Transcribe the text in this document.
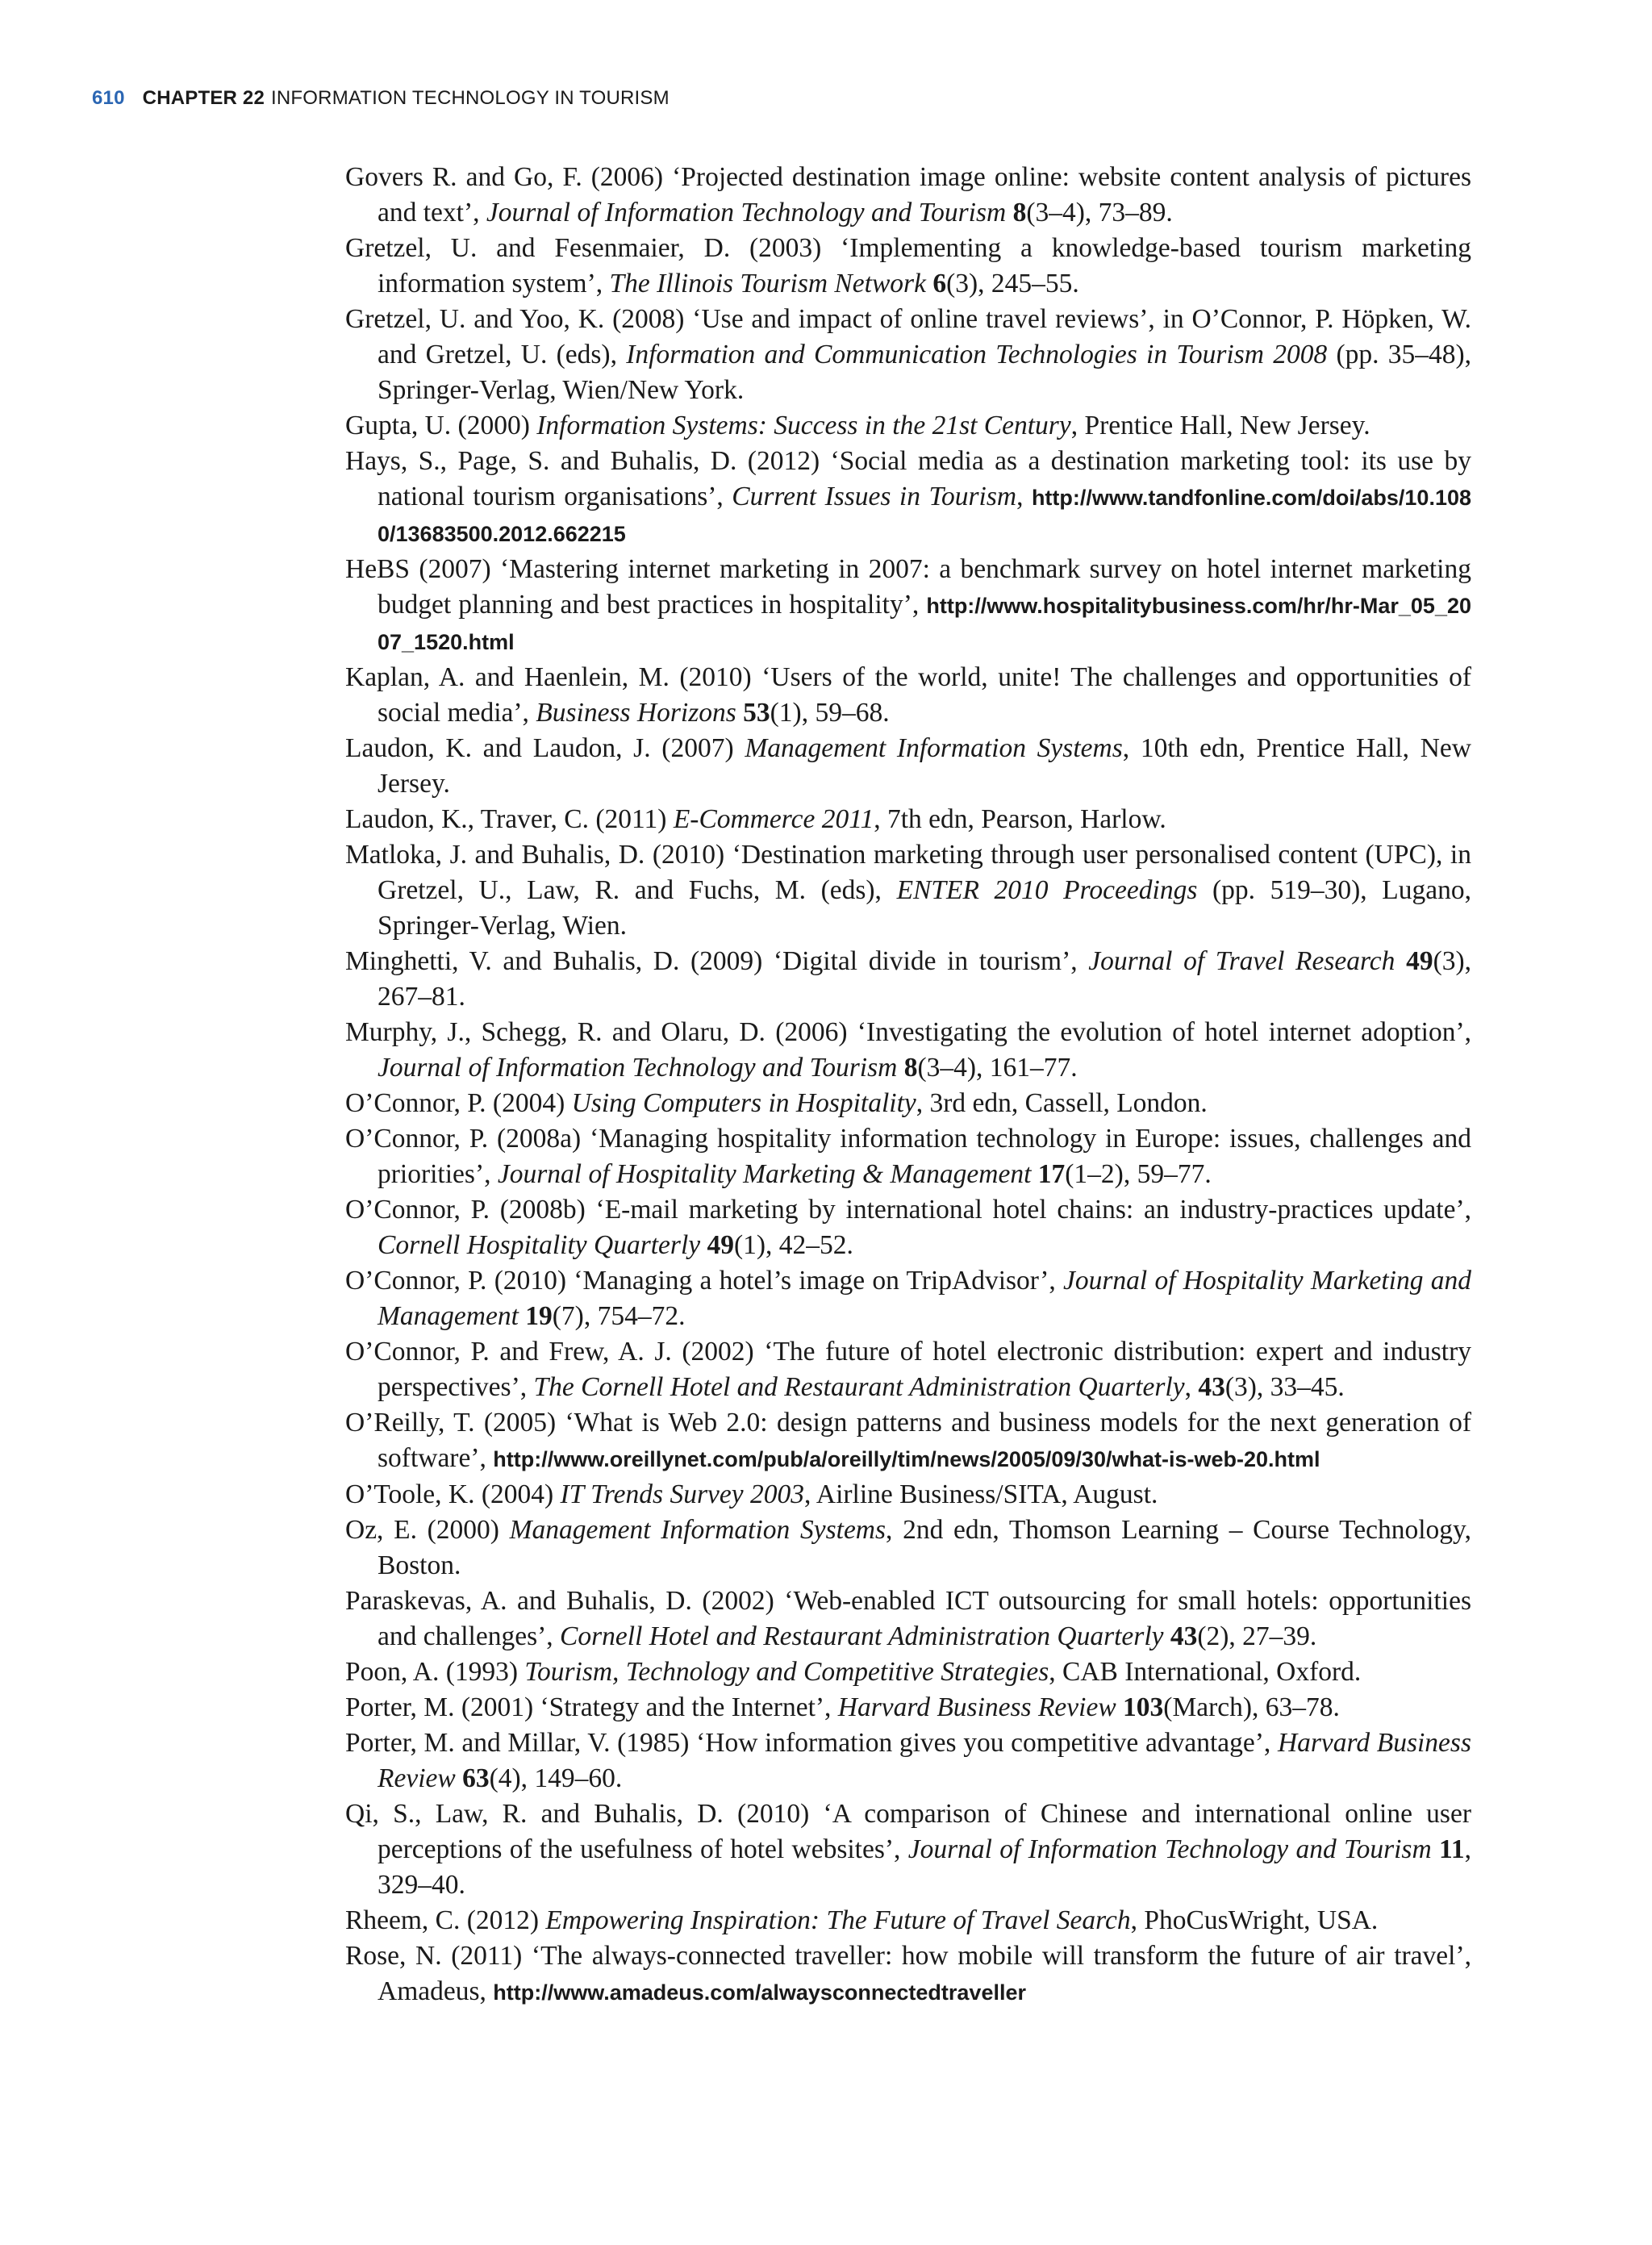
610 CHAPTER 22 INFORMATION TECHNOLOGY IN TOURISM
Govers R. and Go, F. (2006) ‘Projected destination image online: website content analysis of pictures and text’, Journal of Information Technology and Tourism 8(3–4), 73–89.
Gretzel, U. and Fesenmaier, D. (2003) ‘Implementing a knowledge-based tourism marketing information system’, The Illinois Tourism Network 6(3), 245–55.
Gretzel, U. and Yoo, K. (2008) ‘Use and impact of online travel reviews’, in O’Connor, P. Höpken, W. and Gretzel, U. (eds), Information and Communication Technologies in Tourism 2008 (pp. 35–48), Springer-Verlag, Wien/New York.
Gupta, U. (2000) Information Systems: Success in the 21st Century, Prentice Hall, New Jersey.
Hays, S., Page, S. and Buhalis, D. (2012) ‘Social media as a destination marketing tool: its use by national tourism organisations’, Current Issues in Tourism, http://www.tandfonline.com/doi/abs/10.1080/13683500.2012.662215
HeBS (2007) ‘Mastering internet marketing in 2007: a benchmark survey on hotel internet marketing budget planning and best practices in hospitality’, http://www.hospitalitybusiness.com/hr/hr-Mar_05_2007_1520.html
Kaplan, A. and Haenlein, M. (2010) ‘Users of the world, unite! The challenges and opportunities of social media’, Business Horizons 53(1), 59–68.
Laudon, K. and Laudon, J. (2007) Management Information Systems, 10th edn, Prentice Hall, New Jersey.
Laudon, K., Traver, C. (2011) E-Commerce 2011, 7th edn, Pearson, Harlow.
Matloka, J. and Buhalis, D. (2010) ‘Destination marketing through user personalised content (UPC), in Gretzel, U., Law, R. and Fuchs, M. (eds), ENTER 2010 Proceedings (pp. 519–30), Lugano, Springer-Verlag, Wien.
Minghetti, V. and Buhalis, D. (2009) ‘Digital divide in tourism’, Journal of Travel Research 49(3), 267–81.
Murphy, J., Schegg, R. and Olaru, D. (2006) ‘Investigating the evolution of hotel internet adoption’, Journal of Information Technology and Tourism 8(3–4), 161–77.
O’Connor, P. (2004) Using Computers in Hospitality, 3rd edn, Cassell, London.
O’Connor, P. (2008a) ‘Managing hospitality information technology in Europe: issues, challenges and priorities’, Journal of Hospitality Marketing & Management 17(1–2), 59–77.
O’Connor, P. (2008b) ‘E-mail marketing by international hotel chains: an industry-practices update’, Cornell Hospitality Quarterly 49(1), 42–52.
O’Connor, P. (2010) ‘Managing a hotel’s image on TripAdvisor’, Journal of Hospitality Marketing and Management 19(7), 754–72.
O’Connor, P. and Frew, A. J. (2002) ‘The future of hotel electronic distribution: expert and industry perspectives’, The Cornell Hotel and Restaurant Administration Quarterly, 43(3), 33–45.
O’Reilly, T. (2005) ‘What is Web 2.0: design patterns and business models for the next generation of software’, http://www.oreillynet.com/pub/a/oreilly/tim/news/2005/09/30/what-is-web-20.html
O’Toole, K. (2004) IT Trends Survey 2003, Airline Business/SITA, August.
Oz, E. (2000) Management Information Systems, 2nd edn, Thomson Learning – Course Technology, Boston.
Paraskevas, A. and Buhalis, D. (2002) ‘Web-enabled ICT outsourcing for small hotels: opportunities and challenges’, Cornell Hotel and Restaurant Administration Quarterly 43(2), 27–39.
Poon, A. (1993) Tourism, Technology and Competitive Strategies, CAB International, Oxford.
Porter, M. (2001) ‘Strategy and the Internet’, Harvard Business Review 103(March), 63–78.
Porter, M. and Millar, V. (1985) ‘How information gives you competitive advantage’, Harvard Business Review 63(4), 149–60.
Qi, S., Law, R. and Buhalis, D. (2010) ‘A comparison of Chinese and international online user perceptions of the usefulness of hotel websites’, Journal of Information Technology and Tourism 11, 329–40.
Rheem, C. (2012) Empowering Inspiration: The Future of Travel Search, PhoCusWright, USA.
Rose, N. (2011) ‘The always-connected traveller: how mobile will transform the future of air travel’, Amadeus, http://www.amadeus.com/alwaysconnectedtraveller
